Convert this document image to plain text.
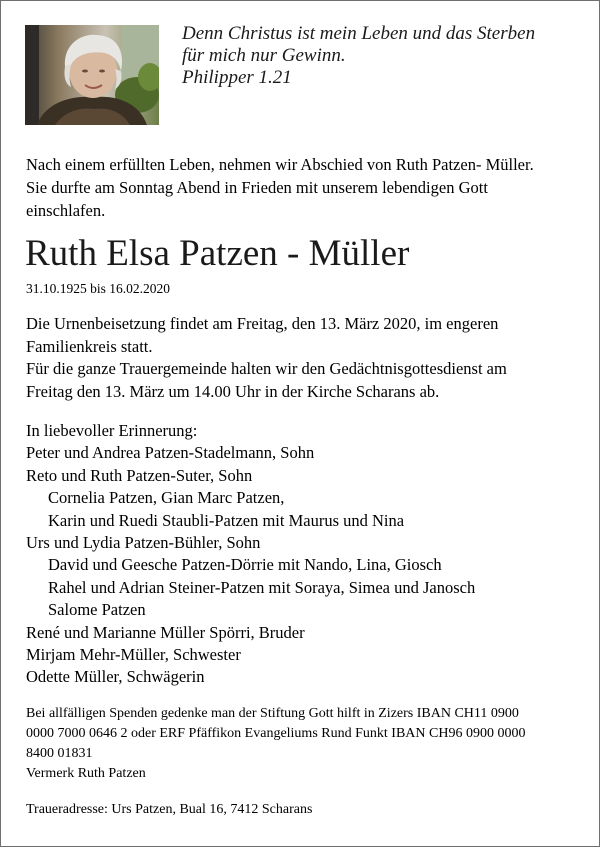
Denn Christus ist mein Leben und das Sterben
für mich nur Gewinn.
Philipper 1.21
Nach einem erfüllten Leben, nehmen wir Abschied von Ruth Patzen- Müller.
Sie durfte am Sonntag Abend in Frieden mit unserem lebendigen Gott
einschlafen.
Ruth Elsa Patzen - Müller
31.10.1925 bis 16.02.2020
Die Urnenbeisetzung findet am Freitag, den 13. März 2020, im engeren
Familienkreis statt.
Für die ganze Trauergemeinde halten wir den Gedächtnisgottesdienst am
Freitag den 13. März um 14.00 Uhr in der Kirche Scharans ab.
In liebevoller Erinnerung:
Peter und Andrea Patzen-Stadelmann, Sohn
Reto und Ruth Patzen-Suter, Sohn
Cornelia Patzen, Gian Marc Patzen,
Karin und Ruedi Staubli-Patzen mit Maurus und Nina
Urs und Lydia Patzen-Bühler, Sohn
David und Geesche Patzen-Dörrie mit Nando, Lina, Giosch
Rahel und Adrian Steiner-Patzen mit Soraya, Simea und Janosch
Salome Patzen
René und Marianne Müller Spörri, Bruder
Mirjam Mehr-Müller, Schwester
Odette Müller, Schwägerin
Bei allfälligen Spenden gedenke man der Stiftung Gott hilft in Zizers IBAN CH11 0900
0000 7000 0646 2 oder ERF Pfäffikon Evangeliums Rund Funkt IBAN CH96 0900 0000
8400 01831
Vermerk Ruth Patzen
Traueradresse: Urs Patzen, Bual 16, 7412 Scharans
